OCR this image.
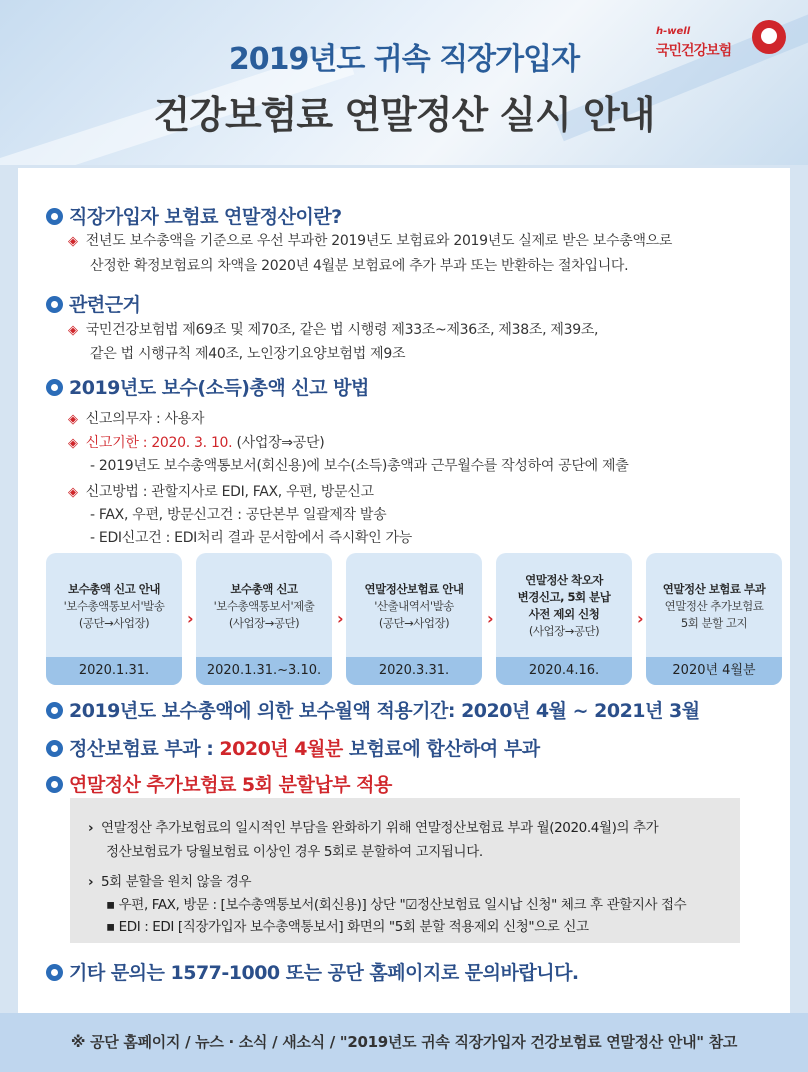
2019년도 귀속 직장가입자
건강보험료 연말정산 실시 안내
h-well
국민건강보험
직장가입자 보험료 연말정산이란?
◈ 전년도 보수총액을 기준으로 우선 부과한 2019년도 보험료와 2019년도 실제로 받은 보수총액으로
산정한 확정보험료의 차액을 2020년 4월분 보험료에 추가 부과 또는 반환하는 절차입니다.
관련근거
◈ 국민건강보험법 제69조 및 제70조, 같은 법 시행령 제33조~제36조, 제38조, 제39조,
같은 법 시행규칙 제40조, 노인장기요양보험법 제9조
2019년도 보수(소득)총액 신고 방법
◈ 신고의무자 : 사용자
◈ 신고기한 : 2020. 3. 10. (사업장⇒공단)
- 2019년도 보수총액통보서(회신용)에 보수(소득)총액과 근무월수를 작성하여 공단에 제출
◈ 신고방법 : 관할지사로 EDI, FAX, 우편, 방문신고
- FAX, 우편, 방문신고건 : 공단본부 일괄제작 발송
- EDI신고건 : EDI처리 결과 문서함에서 즉시확인 가능
보수총액 신고 안내
'보수총액통보서'발송
(공단→사업장)
2020.1.31.
›
보수총액 신고
'보수총액통보서'제출
(사업장→공단)
2020.1.31.~3.10.
›
연말정산보험료 안내
'산출내역서'발송
(공단→사업장)
2020.3.31.
›
연말정산 착오자
변경신고, 5회 분납
사전 제외 신청
(사업장→공단)
2020.4.16.
›
연말정산 보험료 부과
연말정산 추가보험료
5회 분할 고지
2020년 4월분
2019년도 보수총액에 의한 보수월액 적용기간: 2020년 4월 ~ 2021년 3월
정산보험료 부과 : 2020년 4월분 보험료에 합산하여 부과
연말정산 추가보험료 5회 분할납부 적용
› 연말정산 추가보험료의 일시적인 부담을 완화하기 위해 연말정산보험료 부과 월(2020.4월)의 추가
정산보험료가 당월보험료 이상인 경우 5회로 분할하여 고지됩니다.
› 5회 분할을 원치 않을 경우
▪ 우편, FAX, 방문 : [보수총액통보서(회신용)] 상단 "☑정산보험료 일시납 신청" 체크 후 관할지사 접수
▪ EDI : EDI [직장가입자 보수총액통보서] 화면의 "5회 분할 적용제외 신청"으로 신고
기타 문의는 1577-1000 또는 공단 홈페이지로 문의바랍니다.
※ 공단 홈페이지 / 뉴스 · 소식 / 새소식 / "2019년도 귀속 직장가입자 건강보험료 연말정산 안내" 참고
